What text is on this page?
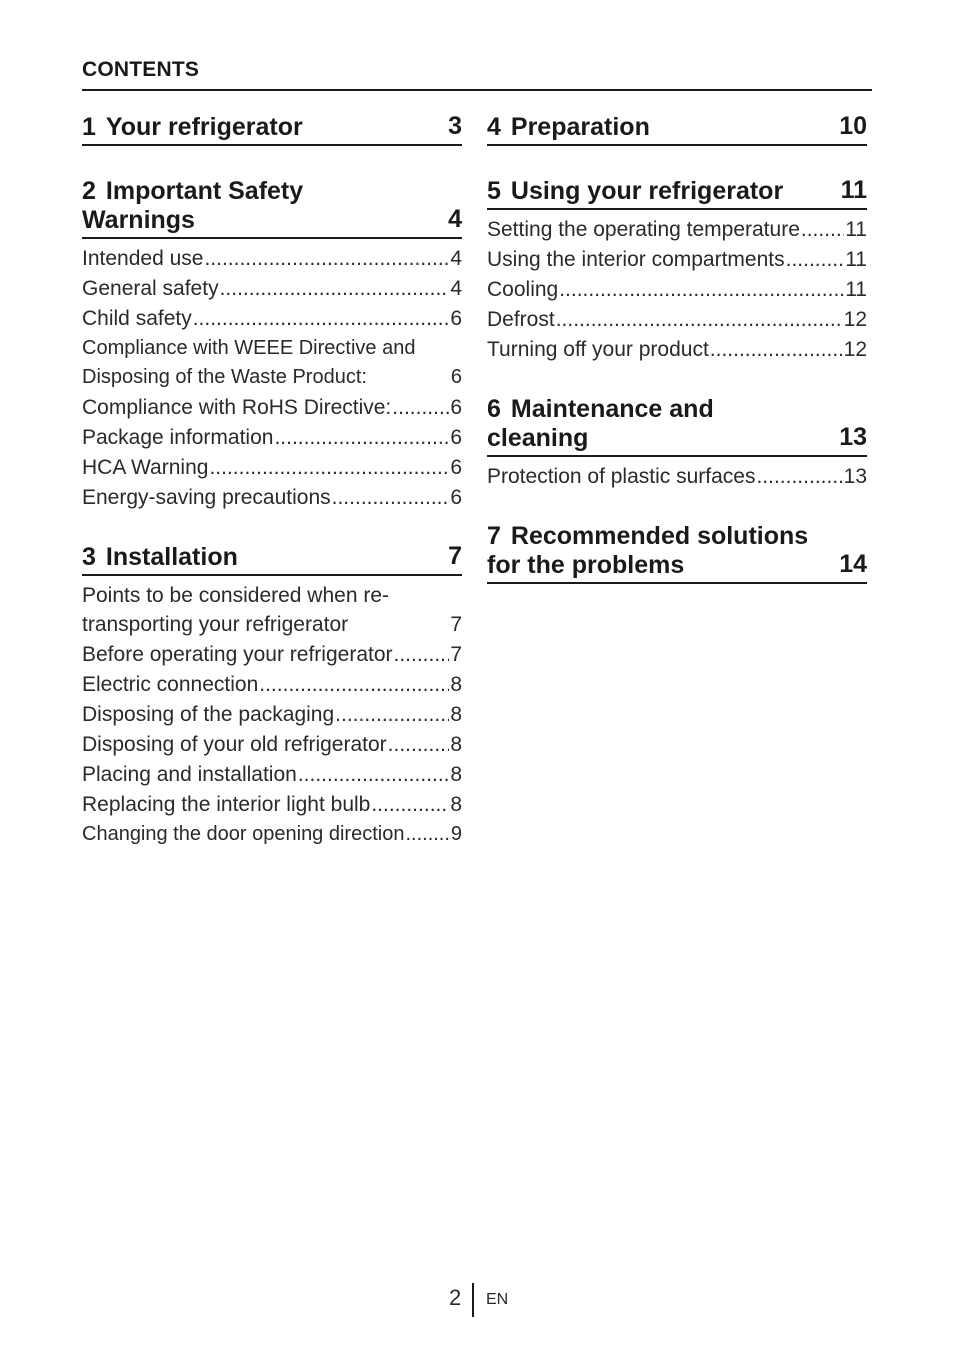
CONTENTS
1 Your refrigerator	3
2 Important Safety Warnings	4
Intended use .....	4
General safety .....	4
Child safety .....	6
Compliance with WEEE Directive and Disposing of the Waste Product:	6
Compliance with RoHS Directive: .....	6
Package information .....	6
HCA Warning .....	6
Energy-saving precautions .....	6
3 Installation	7
Points to be considered when re-transporting your refrigerator	7
Before operating your refrigerator .....	7
Electric connection .....	8
Disposing of the packaging .....	8
Disposing of your old refrigerator .....	8
Placing and installation .....	8
Replacing the interior light bulb .....	8
Changing the door opening direction ..... 9
4 Preparation	10
5 Using your refrigerator	11
Setting the operating temperature ..... 11
Using the interior compartments .....	11
Cooling .....	11
Defrost .....	12
Turning off your product .....	12
6 Maintenance and cleaning	13
Protection of plastic surfaces .....	13
7 Recommended solutions for the problems	14
2 EN
